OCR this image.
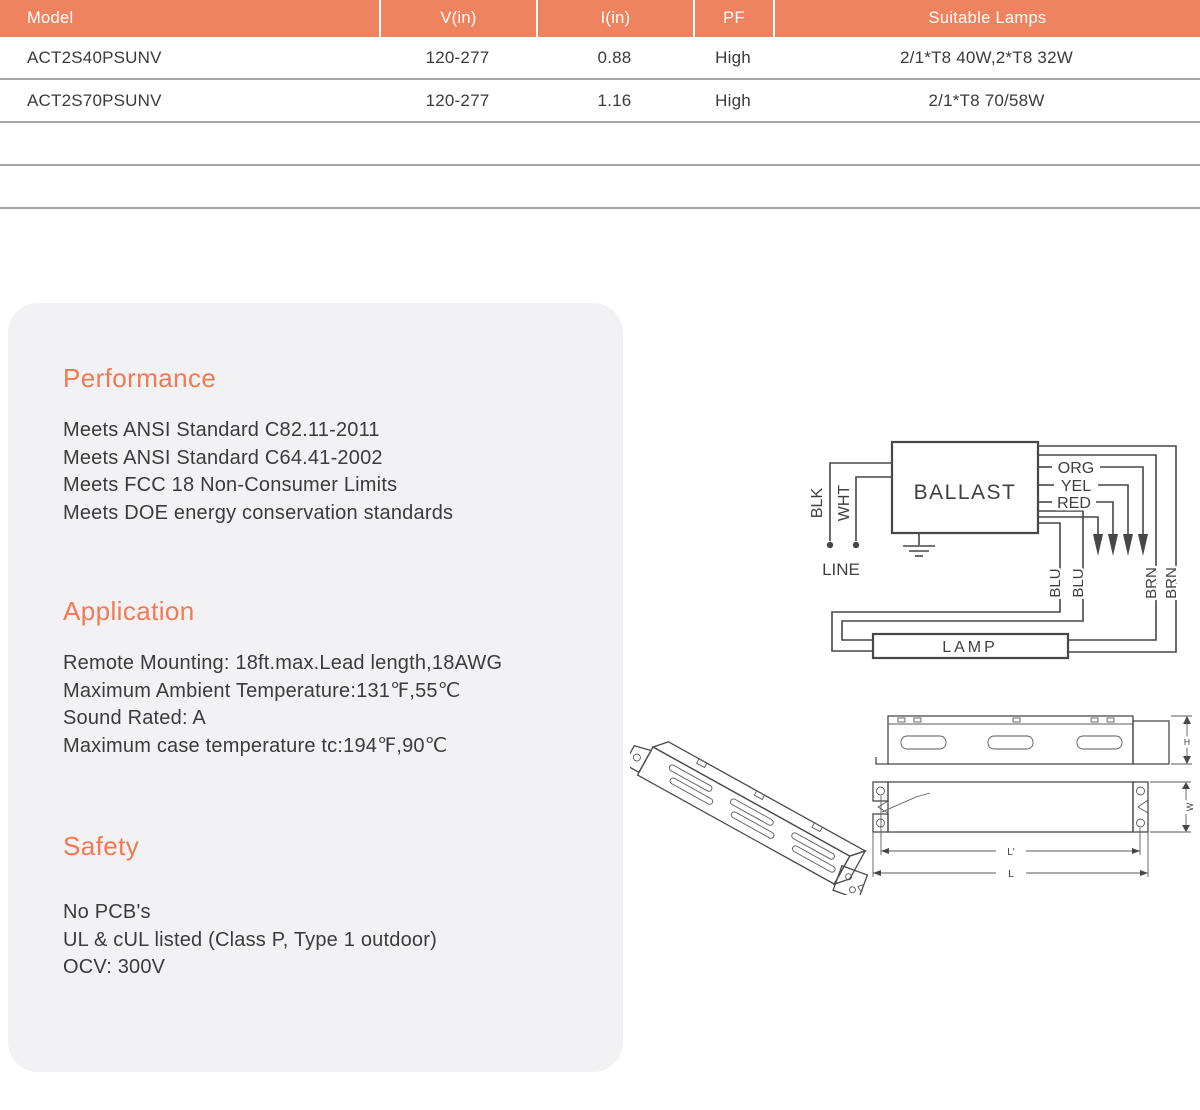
Model	V(in)	I(in)	PF	Suitable Lamps
ACT2S40PSUNV	120-277	0.88	High	2/1*T8 40W,2*T8 32W
ACT2S70PSUNV	120-277	1.16	High	2/1*T8 70/58W
Performance
Meets ANSI Standard C82.11-2011
Meets ANSI Standard C64.41-2002
Meets FCC 18 Non-Consumer Limits
Meets DOE energy conservation standards
Application
Remote Mounting: 18ft.max.Lead length,18AWG
Maximum Ambient Temperature:131℉,55℃
Sound Rated: A
Maximum case temperature tc:194℉,90℃
Safety
No PCB's
UL & cUL listed (Class P, Type 1 outdoor)
OCV: 300V
BLK WHT
LINE
BALLAST
ORG
YEL
RED
BLU BLU	BRN BRN
LAMP
H
W
L'
L
